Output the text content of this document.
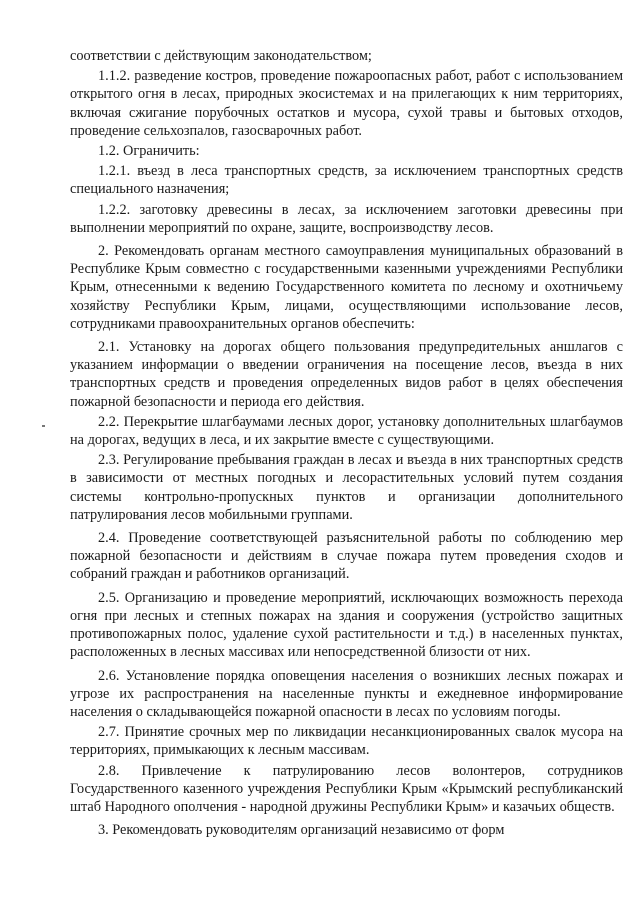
соответствии с действующим законодательством;

1.1.2. разведение костров, проведение пожароопасных работ, работ с использованием открытого огня в лесах, природных экосистемах и на прилегающих к ним территориях, включая сжигание порубочных остатков и мусора, сухой травы и бытовых отходов, проведение сельхозпалов, газосварочных работ.

1.2. Ограничить:

1.2.1. въезд в леса транспортных средств, за исключением транспортных средств специального назначения;

1.2.2. заготовку древесины в лесах, за исключением заготовки древесины при выполнении мероприятий по охране, защите, воспроизводству лесов.

2. Рекомендовать органам местного самоуправления муниципальных образований в Республике Крым совместно с государственными казенными учреждениями Республики Крым, отнесенными к ведению Государственного комитета по лесному и охотничьему хозяйству Республики Крым, лицами, осуществляющими использование лесов, сотрудниками правоохранительных органов обеспечить:

2.1. Установку на дорогах общего пользования предупредительных аншлагов с указанием информации о введении ограничения на посещение лесов, въезда в них транспортных средств и проведения определенных видов работ в целях обеспечения пожарной безопасности и периода его действия.

2.2. Перекрытие шлагбаумами лесных дорог, установку дополнительных шлагбаумов на дорогах, ведущих в леса, и их закрытие вместе с существующими.

2.3. Регулирование пребывания граждан в лесах и въезда в них транспортных средств в зависимости от местных погодных и лесорастительных условий путем создания системы контрольно-пропускных пунктов и организации дополнительного патрулирования лесов мобильными группами.

2.4. Проведение соответствующей разъяснительной работы по соблюдению мер пожарной безопасности и действиям в случае пожара путем проведения сходов и собраний граждан и работников организаций.

2.5. Организацию и проведение мероприятий, исключающих возможность перехода огня при лесных и степных пожарах на здания и сооружения (устройство защитных противопожарных полос, удаление сухой растительности и т.д.) в населенных пунктах, расположенных в лесных массивах или непосредственной близости от них.

2.6. Установление порядка оповещения населения о возникших лесных пожарах и угрозе их распространения на населенные пункты и ежедневное информирование населения о складывающейся пожарной опасности в лесах по условиям погоды.

2.7. Принятие срочных мер по ликвидации несанкционированных свалок мусора на территориях, примыкающих к лесным массивам.

2.8. Привлечение к патрулированию лесов волонтеров, сотрудников Государственного казенного учреждения Республики Крым «Крымский республиканский штаб Народного ополчения - народной дружины Республики Крым» и казачьих обществ.

3. Рекомендовать руководителям организаций независимо от форм
